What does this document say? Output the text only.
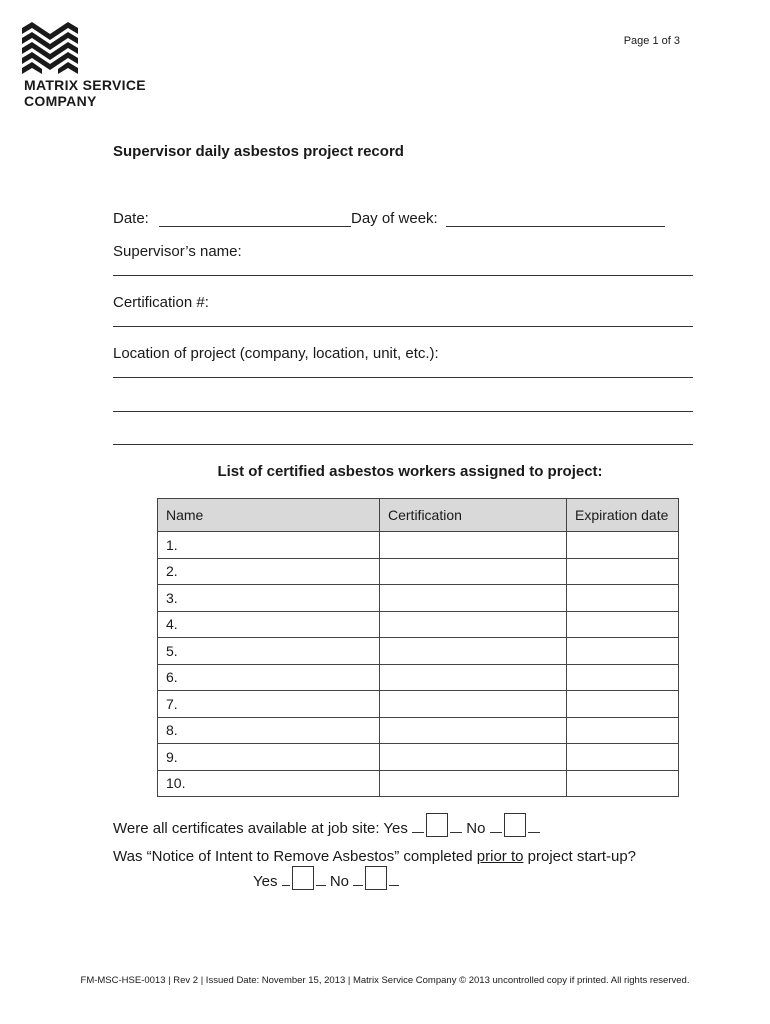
MATRIX SERVICE
COMPANY
Page 1 of 3
Supervisor daily asbestos project record
Date:	Day of week:
Supervisor’s name:
Certification #:
Location of project (company, location, unit, etc.):
List of certified asbestos workers assigned to project:
Name	Certification	Expiration date
1.		
2.		
3.		
4.		
5.		
6.		
7.		
8.		
9.		
10.		
Were all certificates available at job site: Yes	No
Was “Notice of Intent to Remove Asbestos” completed prior to project start-up?
Yes	No
FM-MSC-HSE-0013 | Rev 2 | Issued Date: November 15, 2013 | Matrix Service Company © 2013 uncontrolled copy if printed. All rights reserved.
